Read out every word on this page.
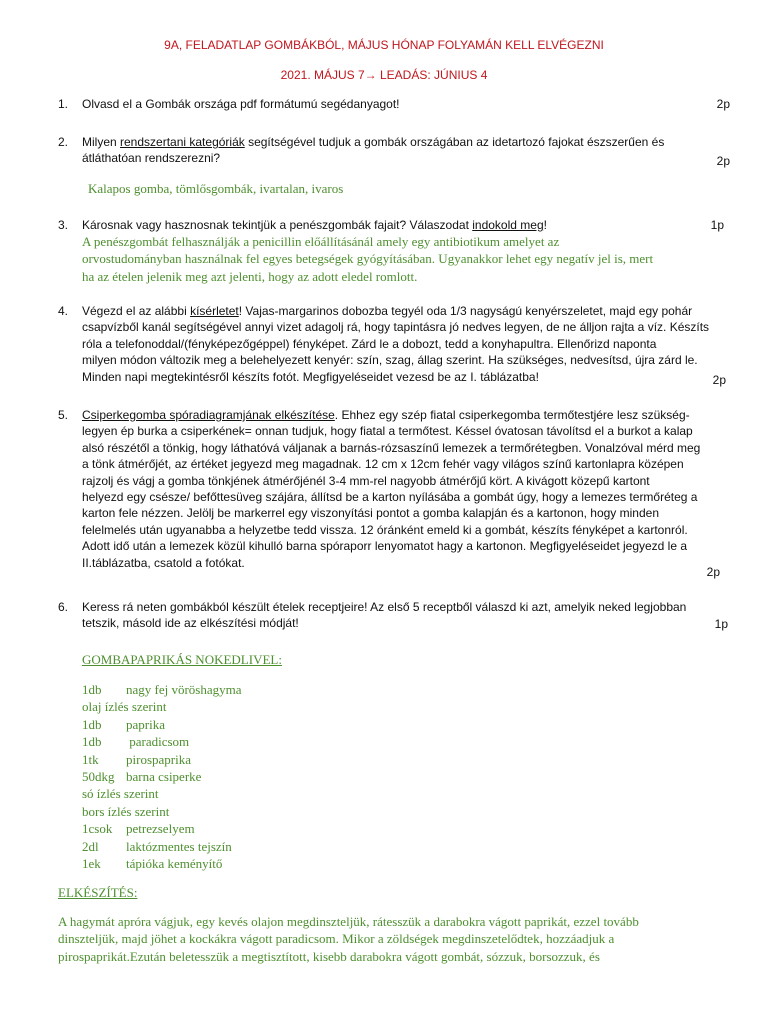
9A, FELADATLAP GOMBÁKBÓL, MÁJUS HÓNAP FOLYAMÁN KELL ELVÉGEZNI
2021. MÁJUS 7→ LEADÁS: JÚNIUS 4
1. Olvasd el a Gombák országa pdf formátumú segédanyagot!	2p
2. Milyen rendszertani kategóriák segítségével tudjuk a gombák országában az idetartozó fajokat észszerűen és
átláthatóan rendszerezni?	2p
Kalapos gomba, tömlősgombák, ivartalan, ivaros
3. Károsnak vagy hasznosnak tekintjük a penészgombák fajait? Válaszodat indokold meg!	1p
A penészgombát felhasználják a penicillin előállításánál amely egy antibiotikum amelyet az
orvostudományban használnak fel egyes betegségek gyógyításában. Ugyanakkor lehet egy negatív jel is, mert
ha az ételen jelenik meg azt jelenti, hogy az adott eledel romlott.
4. Végezd el az alábbi kísérletet! Vajas-margarinos dobozba tegyél oda 1/3 nagyságú kenyérszeletet, majd egy pohár
csapvízből kanál segítségével annyi vizet adagolj rá, hogy tapintásra jó nedves legyen, de ne álljon rajta a víz. Készíts
róla a telefonoddal/(fényképezőgéppel) fényképet. Zárd le a dobozt, tedd a konyhapultra. Ellenőrizd naponta
milyen módon változik meg a belehelyezett kenyér: szín, szag, állag szerint. Ha szükséges, nedvesítsd, újra zárd le.
Minden napi megtekintésről készíts fotót. Megfigyeléseidet vezesd be az I. táblázatba!	2p
5. Csiperkegomba spóradiagramjának elkészítése. Ehhez egy szép fiatal csiperkegomba termőtestjére lesz szükség-
legyen ép burka a csiperkének= onnan tudjuk, hogy fiatal a termőtest. Késsel óvatosan távolítsd el a burkot a kalap
alsó részétől a tönkig, hogy láthatóvá váljanak a barnás-rózsaszínű lemezek a termőrétegben. Vonalzóval mérd meg
a tönk átmérőjét, az értéket jegyezd meg magadnak. 12 cm x 12cm fehér vagy világos színű kartonlapra középen
rajzolj és vágj a gomba tönkjének átmérőjénél 3-4 mm-rel nagyobb átmérőjű kört. A kivágott közepű kartont
helyezd egy csésze/ befőttesüveg szájára, állítsd be a karton nyílásába a gombát úgy, hogy a lemezes termőréteg a
karton fele nézzen. Jelölj be markerrel egy viszonyítási pontot a gomba kalapján és a kartonon, hogy minden
felelmelés után ugyanabba a helyzetbe tedd vissza. 12 óránként emeld ki a gombát, készíts fényképet a kartonról.
Adott idő után a lemezek közül kihulló barna spóraporr lenyomatot hagy a kartonon. Megfigyeléseidet jegyezd le a
II.táblázatba, csatold a fotókat.
2p
6. Keress rá neten gombákból készült ételek receptjeire! Az első 5 receptből válaszd ki azt, amelyik neked legjobban
tetszik, másold ide az elkészítési módját!	1p
GOMBAPAPRIKÁS NOKEDLIVEL:
1db nagy fej vöröshagyma
olaj ízlés szerint
1db paprika
1db paradicsom
1tk pirospaprika
50dkg barna csiperke
só ízlés szerint
bors ízlés szerint
1csok petrezselyem
2dl laktózmentes tejszín
1ek tápióka keményítő
ELKÉSZÍTÉS:
A hagymát apróra vágjuk, egy kevés olajon megdinszteljük, rátesszük a darabokra vágott paprikát, ezzel tovább
dinszteljük, majd jöhet a kockákra vágott paradicsom. Mikor a zöldségek megdinszetelődtek, hozzáadjuk a
pirospaprikát.Ezután beletesszük a megtisztított, kisebb darabokra vágott gombát, sózzuk, borsozzuk, és
